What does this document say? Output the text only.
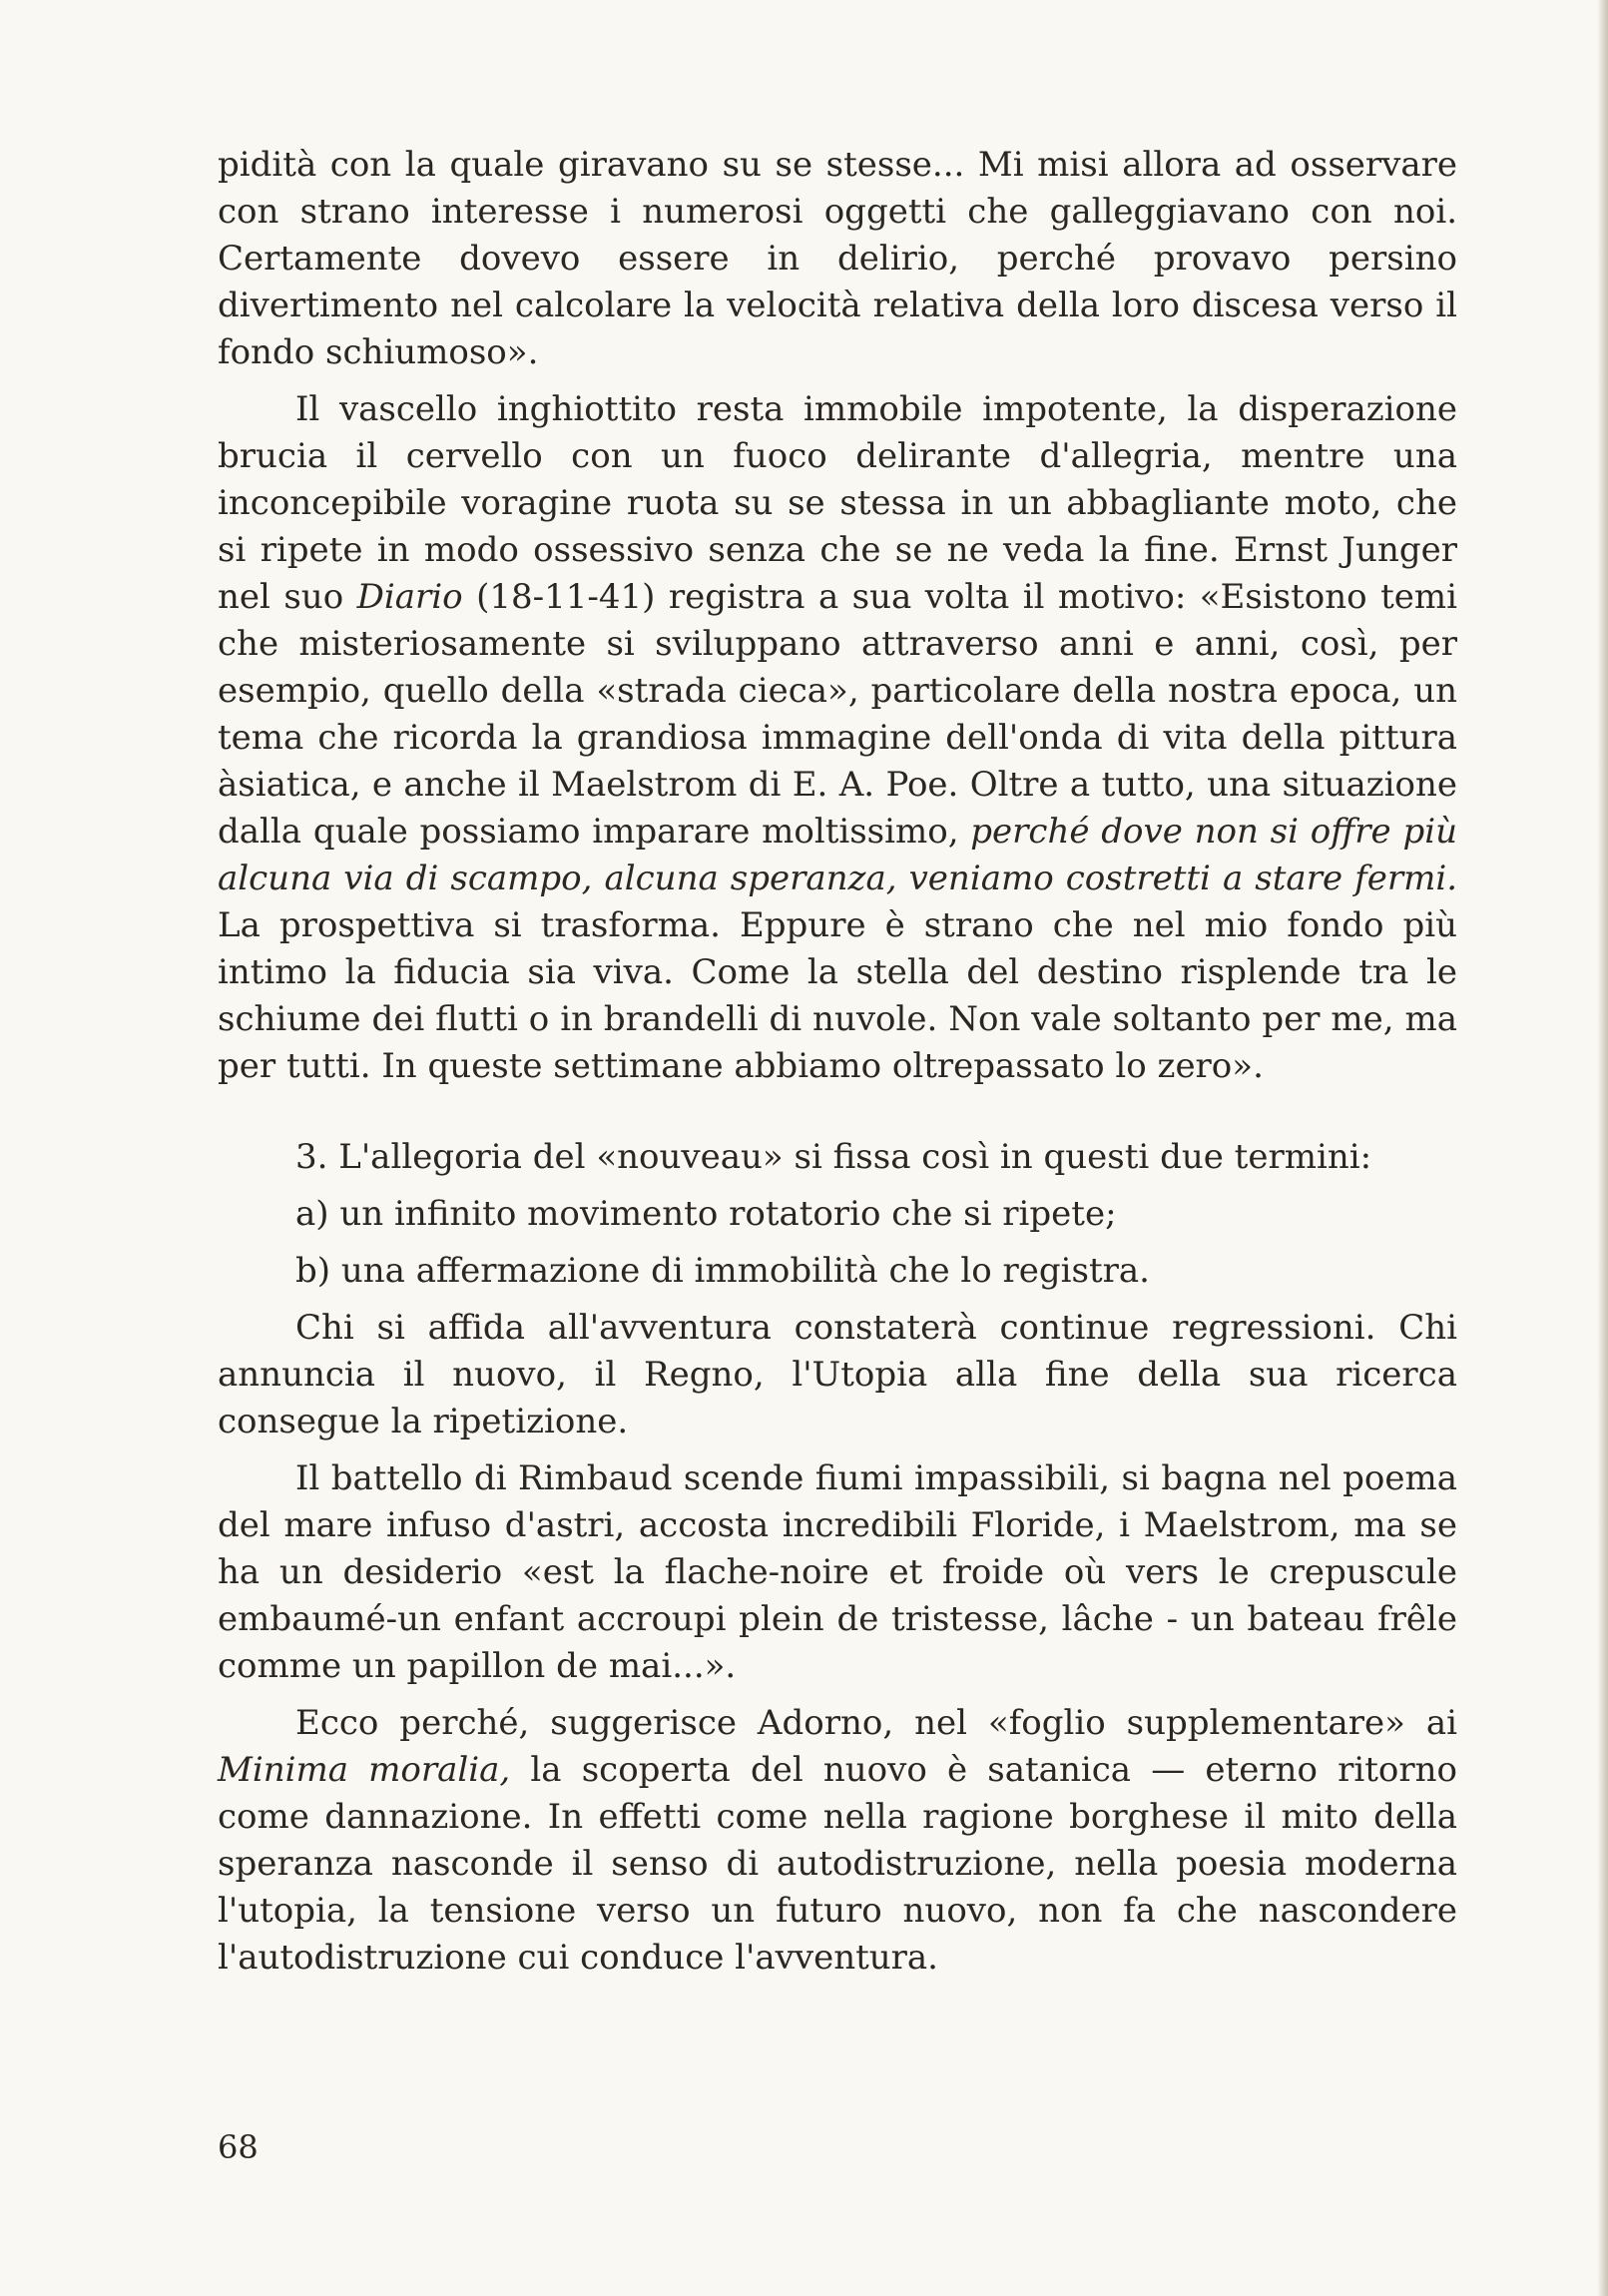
pidità con la quale giravano su se stesse... Mi misi allora ad osservare con strano interesse i numerosi oggetti che galleggiavano con noi. Certamente dovevo essere in delirio, perché provavo persino divertimento nel calcolare la velocità relativa della loro discesa verso il fondo schiumoso».

Il vascello inghiottito resta immobile impotente, la disperazione brucia il cervello con un fuoco delirante d'allegria, mentre una inconcepibile voragine ruota su se stessa in un abbagliante moto, che si ripete in modo ossessivo senza che se ne veda la fine. Ernst Junger nel suo Diario (18-11-41) registra a sua volta il motivo: «Esistono temi che misteriosamente si sviluppano attraverso anni e anni, così, per esempio, quello della «strada cieca», particolare della nostra epoca, un tema che ricorda la grandiosa immagine dell'onda di vita della pittura àsiatica, e anche il Maelstrom di E. A. Poe. Oltre a tutto, una situazione dalla quale possiamo imparare moltissimo, perché dove non si offre più alcuna via di scampo, alcuna speranza, veniamo costretti a stare fermi. La prospettiva si trasforma. Eppure è strano che nel mio fondo più intimo la fiducia sia viva. Come la stella del destino risplende tra le schiume dei flutti o in brandelli di nuvole. Non vale soltanto per me, ma per tutti. In queste settimane abbiamo oltrepassato lo zero».

3. L'allegoria del «nouveau» si fissa così in questi due termini:

a) un infinito movimento rotatorio che si ripete;

b) una affermazione di immobilità che lo registra.

Chi si affida all'avventura constaterà continue regressioni. Chi annuncia il nuovo, il Regno, l'Utopia alla fine della sua ricerca consegue la ripetizione.

Il battello di Rimbaud scende fiumi impassibili, si bagna nel poema del mare infuso d'astri, accosta incredibili Floride, i Maelstrom, ma se ha un desiderio «est la flache-noire et froide où vers le crepuscule embaumé-un enfant accroupi plein de tristesse, lâche - un bateau frêle comme un papillon de mai...».

Ecco perché, suggerisce Adorno, nel «foglio supplementare» ai Minima moralia, la scoperta del nuovo è satanica — eterno ritorno come dannazione. In effetti come nella ragione borghese il mito della speranza nasconde il senso di autodistruzione, nella poesia moderna l'utopia, la tensione verso un futuro nuovo, non fa che nascondere l'autodistruzione cui conduce l'avventura.

68
